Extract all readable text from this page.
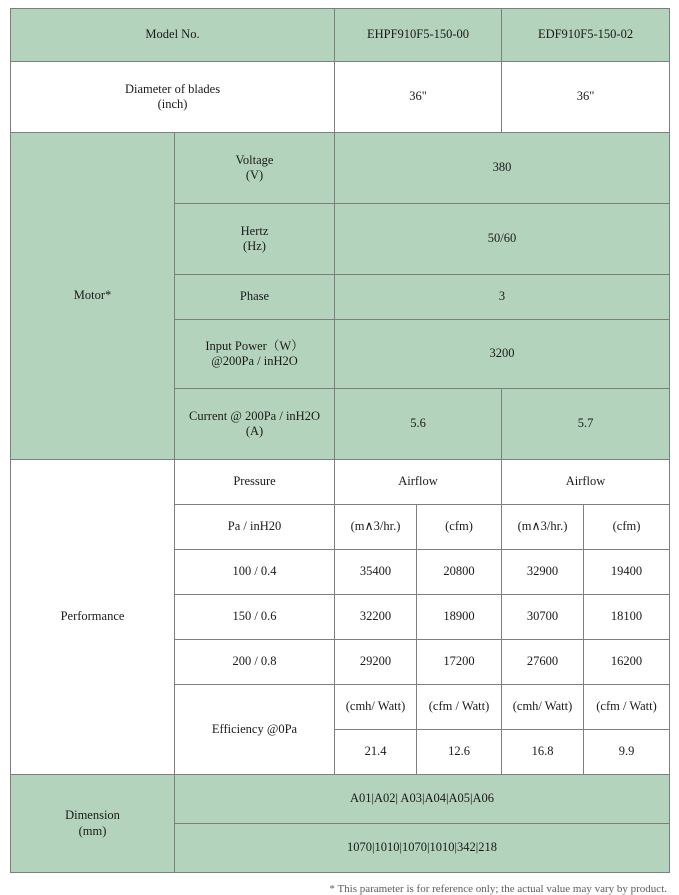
Model No.		EHPF910F5-150-00		EDF910F5-150-02	

Diameter of blades
(inch)		36"		36"	
Motor*	Voltage
(V)	380			

	Hertz
(Hz)	50/60			
	Phase	3			

	Input Power（W）
@200Pa / inH2O	3200			

	Current @ 200Pa / inH2O
(A)	5.6		5.7	
Performance	Pressure	Airflow		Airflow	
	Pa / inH20	(m∧3/hr.)	(cfm)	(m∧3/hr.)	(cfm)
	100 / 0.4	35400	20800	32900	19400
	150 / 0.6	32200	18900	30700	18100
	200 / 0.8	29200	17200	27600	16200
	Efficiency @0Pa	(cmh/ Watt)	(cfm / Watt)	(cmh/ Watt)	(cfm / Watt)
		21.4	12.6	16.8	9.9

Dimension
(mm)	A01|A02| A03|A04|A05|A06				
	1070|1010|1070|1010|342|218				
* This parameter is for reference only; the actual value may vary by product.
